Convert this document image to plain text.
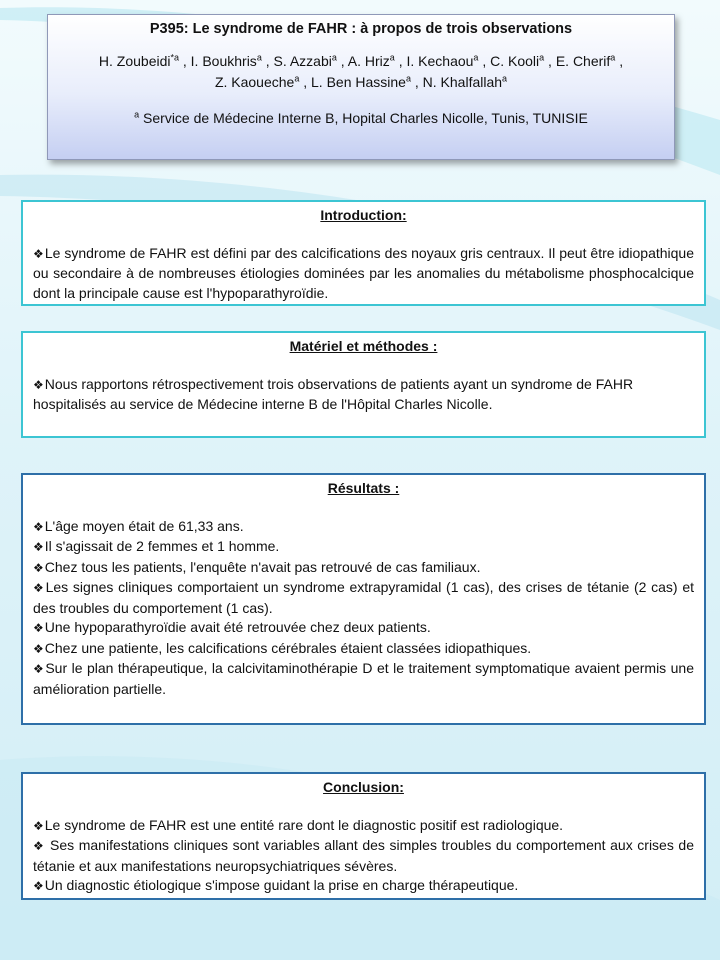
P395: Le syndrome de FAHR : à propos de trois observations
H. Zoubeidi$^{*a}$ , I. Boukhris$^a$ , S. Azzabi$^a$ , A. Hriz$^a$ , I. Kechaou$^a$ , C. Kooli$^a$ , E. Cherif$^a$ ,
Z. Kaoueche$^a$ , L. Ben Hassine$^a$ , N. Khalfallah$^a$
$^a$ Service de Médecine Interne B, Hopital Charles Nicolle, Tunis, TUNISIE
Introduction:

❖Le syndrome de FAHR est défini par des calcifications des noyaux gris centraux. Il peut être idiopathique ou secondaire à de nombreuses étiologies dominées par les anomalies du métabolisme phosphocalcique dont la principale cause est l'hypoparathyroïdie.

Matériel et méthodes :

❖Nous rapportons rétrospectivement trois observations de patients ayant un syndrome de FAHR hospitalisés au service de Médecine interne B de l'Hôpital Charles Nicolle.

Résultats :

❖L'âge moyen était de 61,33 ans.

❖Il s'agissait de 2 femmes et 1 homme.

❖Chez tous les patients, l'enquête n'avait pas retrouvé de cas familiaux.

❖Les signes cliniques comportaient un syndrome extrapyramidal (1 cas), des crises de tétanie (2 cas) et des troubles du comportement (1 cas).

❖Une hypoparathyroïdie avait été retrouvée chez deux patients.

❖Chez une patiente, les calcifications cérébrales étaient classées idiopathiques.

❖Sur le plan thérapeutique, la calcivitaminothérapie D et le traitement symptomatique avaient permis une amélioration partielle.

Conclusion:

❖Le syndrome de FAHR est une entité rare dont le diagnostic positif est radiologique.

❖ Ses manifestations cliniques sont variables allant des simples troubles du comportement aux crises de tétanie et aux manifestations neuropsychiatriques sévères.

❖Un diagnostic étiologique s'impose guidant la prise en charge thérapeutique.
